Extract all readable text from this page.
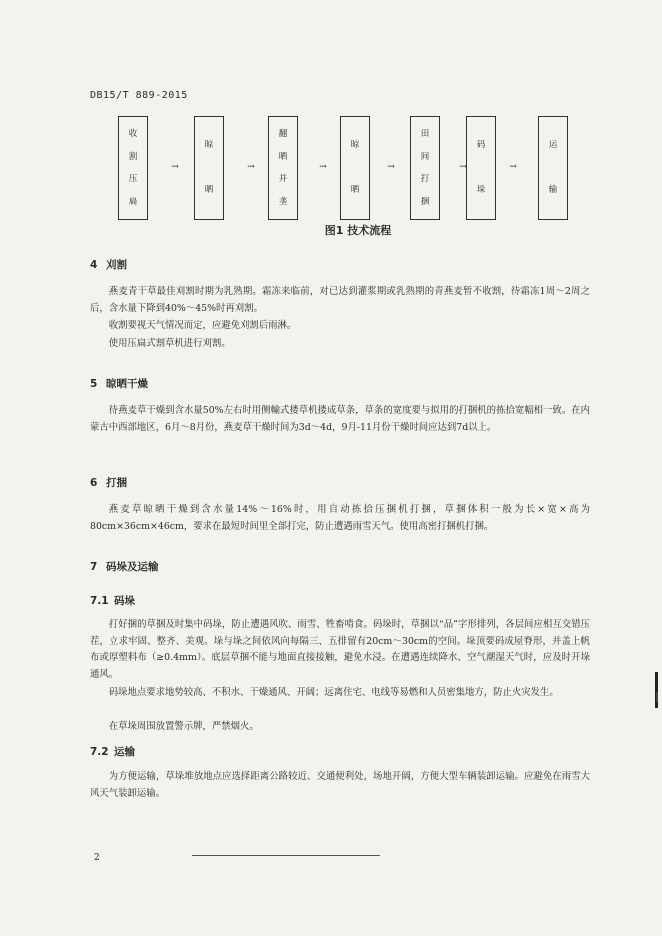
DB15/T 889-2015
收
割
压
扁
→
晾
晒
→
翻
晒
并
垄
→
晾
晒
→
田
间
打
捆
→
码
垛
→
运
输
图1 技术流程
4 刈割
燕麦青干草最佳刈割时期为乳熟期。霜冻来临前，对已达到灌浆期或乳熟期的青燕麦暂不收割，待霜冻1周～2周之后，含水量下降到40%～45%时再刈割。
收割要视天气情况而定，应避免刈割后雨淋。
使用压扁式割草机进行刈割。
5 晾晒干燥
待燕麦草干燥到含水量50%左右时用侧輸式搂草机搂成草条，草条的宽度要与拟用的打捆机的拣拾宽幅相一致。在内蒙古中西部地区，6月～8月份，燕麦草干燥时间为3d～4d，9月-11月份干燥时间应达到7d以上。
6 打捆
燕麦草晾晒干燥到含水量14%～16%时，用自动拣拾压捆机打捆，草捆体积一般为长×宽×高为80cm×36cm×46cm，要求在最短时间里全部打完，防止遭遇雨雪天气。使用高密打捆机打捆。
7 码垛及运输
7.1 码垛
打好捆的草捆及时集中码垛，防止遭遇风吹、雨雪、牲畜啃食。码垛时，草捆以“品”字形排列，各层间应相互交错压茬，立求牢固、整齐、美观。垛与垛之间依风向每隔三、五排留有20cm～30cm的空间。垛顶要码成屋脊形，并盖上帆布或厚塑料布（≥0.4mm）。底层草捆不能与地面直接接触，避免水浸。在遭遇连续降水、空气潮湿天气时，应及时开垛通风。
码垛地点要求地势较高、不积水、干燥通风、开阔；远离住宅、电线等易燃和人员密集地方，防止火灾发生。
在草垛周围放置警示牌，严禁烟火。
7.2 运输
为方便运输，草垛堆放地点应选择距离公路较近、交通便利处，场地开阔，方便大型车辆装卸运输。应避免在雨雪大风天气装卸运输。
2
